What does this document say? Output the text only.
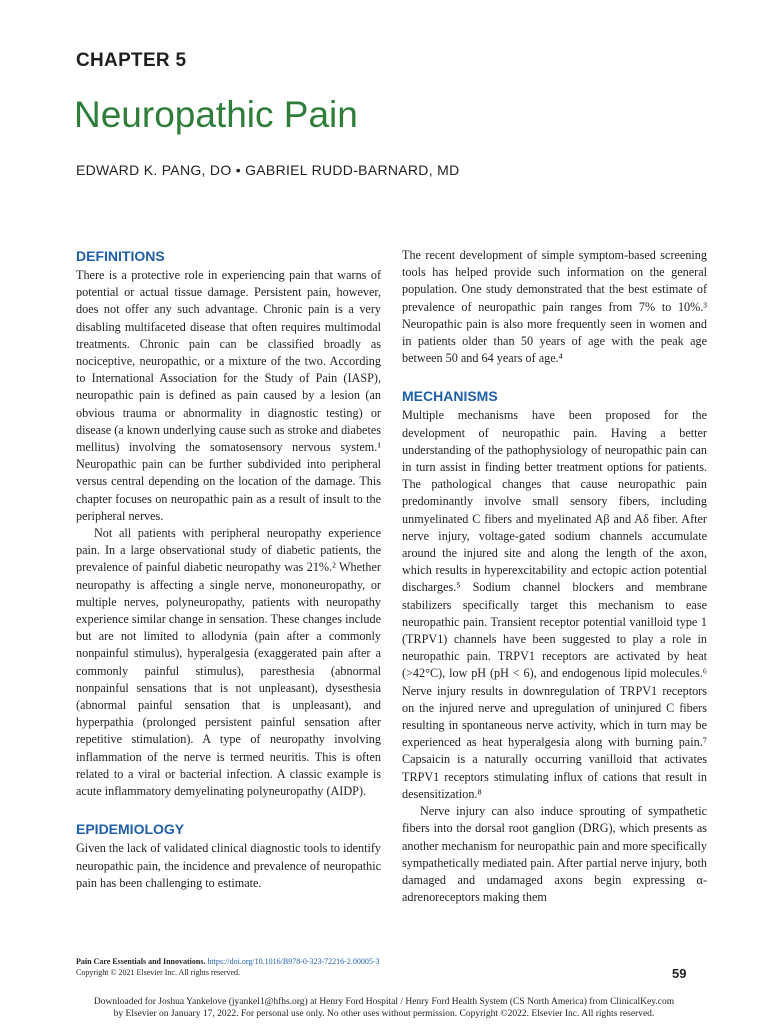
CHAPTER 5
Neuropathic Pain
EDWARD K. PANG, DO • GABRIEL RUDD-BARNARD, MD
DEFINITIONS

There is a protective role in experiencing pain that warns of potential or actual tissue damage. Persistent pain, however, does not offer any such advantage. Chronic pain is a very disabling multifaceted disease that often requires multimodal treatments. Chronic pain can be classified broadly as nociceptive, neuropathic, or a mixture of the two. According to International Association for the Study of Pain (IASP), neuropathic pain is defined as pain caused by a lesion (an obvious trauma or abnormality in diagnostic testing) or disease (a known underlying cause such as stroke and diabetes mellitus) involving the somatosensory nervous system.¹ Neuropathic pain can be further subdivided into peripheral versus central depending on the location of the damage. This chapter focuses on neuropathic pain as a result of insult to the peripheral nerves.

Not all patients with peripheral neuropathy experience pain. In a large observational study of diabetic patients, the prevalence of painful diabetic neuropathy was 21%.² Whether neuropathy is affecting a single nerve, mononeuropathy, or multiple nerves, polyneuropathy, patients with neuropathy experience similar change in sensation. These changes include but are not limited to allodynia (pain after a commonly nonpainful stimulus), hyperalgesia (exaggerated pain after a commonly painful stimulus), paresthesia (abnormal nonpainful sensations that is not unpleasant), dysesthesia (abnormal painful sensation that is unpleasant), and hyperpathia (prolonged persistent painful sensation after repetitive stimulation). A type of neuropathy involving inflammation of the nerve is termed neuritis. This is often related to a viral or bacterial infection. A classic example is acute inflammatory demyelinating polyneuropathy (AIDP).

EPIDEMIOLOGY

Given the lack of validated clinical diagnostic tools to identify neuropathic pain, the incidence and prevalence of neuropathic pain has been challenging to estimate.

The recent development of simple symptom-based screening tools has helped provide such information on the general population. One study demonstrated that the best estimate of prevalence of neuropathic pain ranges from 7% to 10%.³ Neuropathic pain is also more frequently seen in women and in patients older than 50 years of age with the peak age between 50 and 64 years of age.⁴

MECHANISMS

Multiple mechanisms have been proposed for the development of neuropathic pain. Having a better understanding of the pathophysiology of neuropathic pain can in turn assist in finding better treatment options for patients. The pathological changes that cause neuropathic pain predominantly involve small sensory fibers, including unmyelinated C fibers and myelinated Aβ and Aδ fiber. After nerve injury, voltage-gated sodium channels accumulate around the injured site and along the length of the axon, which results in hyperexcitability and ectopic action potential discharges.⁵ Sodium channel blockers and membrane stabilizers specifically target this mechanism to ease neuropathic pain. Transient receptor potential vanilloid type 1 (TRPV1) channels have been suggested to play a role in neuropathic pain. TRPV1 receptors are activated by heat (>42°C), low pH (pH < 6), and endogenous lipid molecules.⁶ Nerve injury results in downregulation of TRPV1 receptors on the injured nerve and upregulation of uninjured C fibers resulting in spontaneous nerve activity, which in turn may be experienced as heat hyperalgesia along with burning pain.⁷ Capsaicin is a naturally occurring vanilloid that activates TRPV1 receptors stimulating influx of cations that result in desensitization.⁸

Nerve injury can also induce sprouting of sympathetic fibers into the dorsal root ganglion (DRG), which presents as another mechanism for neuropathic pain and more specifically sympathetically mediated pain. After partial nerve injury, both damaged and undamaged axons begin expressing α-adrenoreceptors making them

Pain Care Essentials and Innovations. https://doi.org/10.1016/B978-0-323-72216-2.00005-3
Copyright © 2021 Elsevier Inc. All rights reserved.	59
Downloaded for Joshua Yankelove (jyankel1@hfhs.org) at Henry Ford Hospital / Henry Ford Health System (CS North America) from ClinicalKey.com
by Elsevier on January 17, 2022. For personal use only. No other uses without permission. Copyright ©2022. Elsevier Inc. All rights reserved.
